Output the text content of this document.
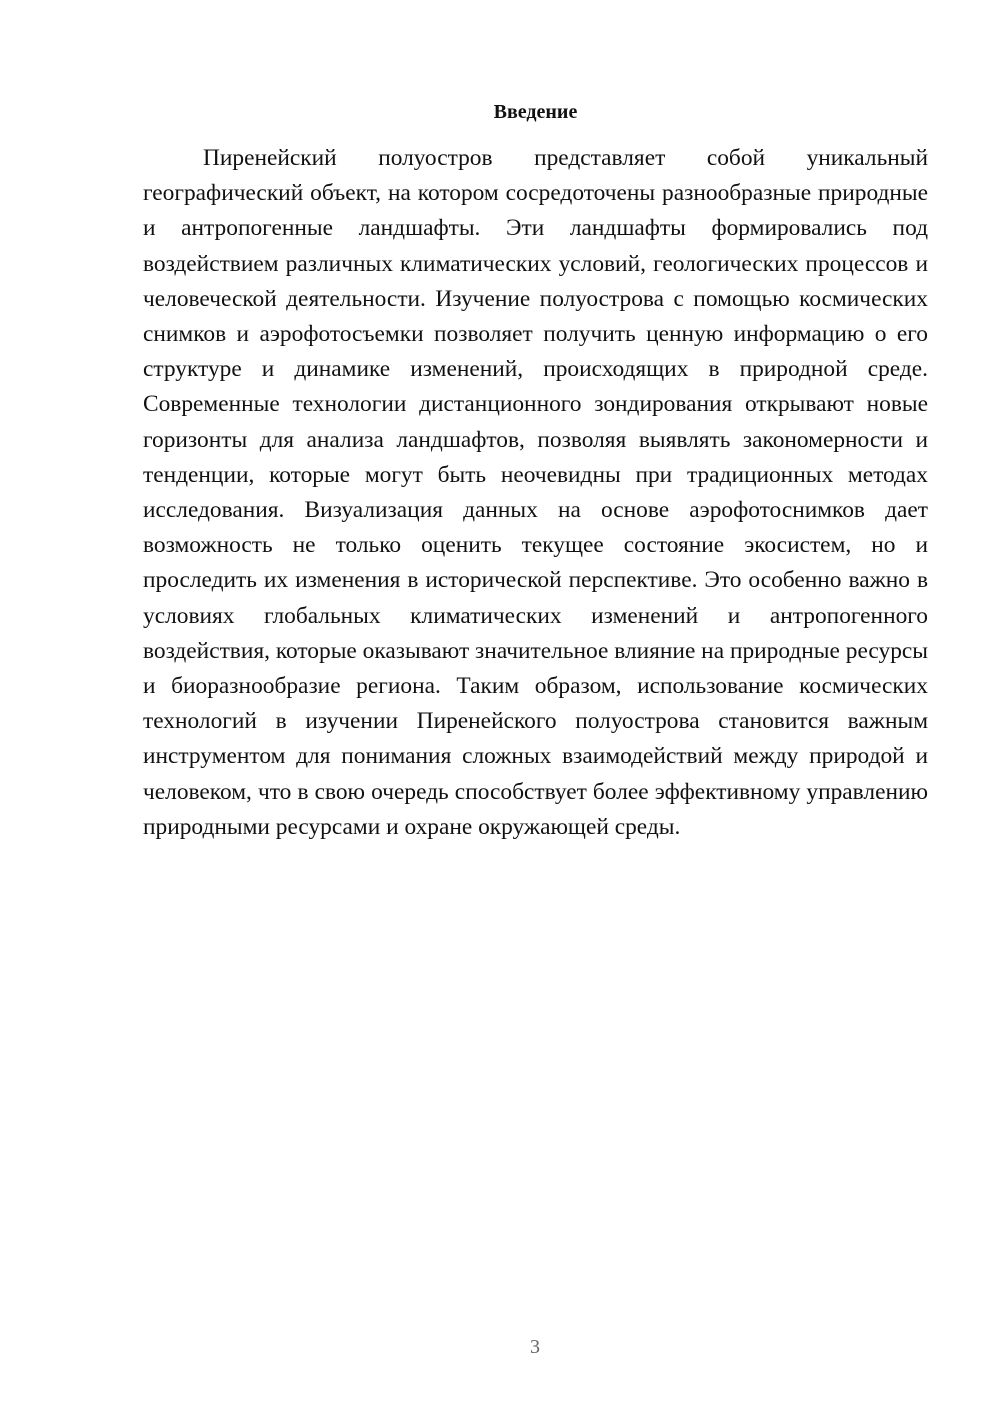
Введение

Пиренейский полуостров представляет собой уникальный географический объект, на котором сосредоточены разнообразные природные и антропогенные ландшафты. Эти ландшафты формировались под воздействием различных климатических условий, геологических процессов и человеческой деятельности. Изучение полуострова с помощью космических снимков и аэрофотосъемки позволяет получить ценную информацию о его структуре и динамике изменений, происходящих в природной среде. Современные технологии дистанционного зондирования открывают новые горизонты для анализа ландшафтов, позволяя выявлять закономерности и тенденции, которые могут быть неочевидны при традиционных методах исследования. Визуализация данных на основе аэрофотоснимков дает возможность не только оценить текущее состояние экосистем, но и проследить их изменения в исторической перспективе. Это особенно важно в условиях глобальных климатических изменений и антропогенного воздействия, которые оказывают значительное влияние на природные ресурсы и биоразнообразие региона. Таким образом, использование космических технологий в изучении Пиренейского полуострова становится важным инструментом для понимания сложных взаимодействий между природой и человеком, что в свою очередь способствует более эффективному управлению природными ресурсами и охране окружающей среды.

3
